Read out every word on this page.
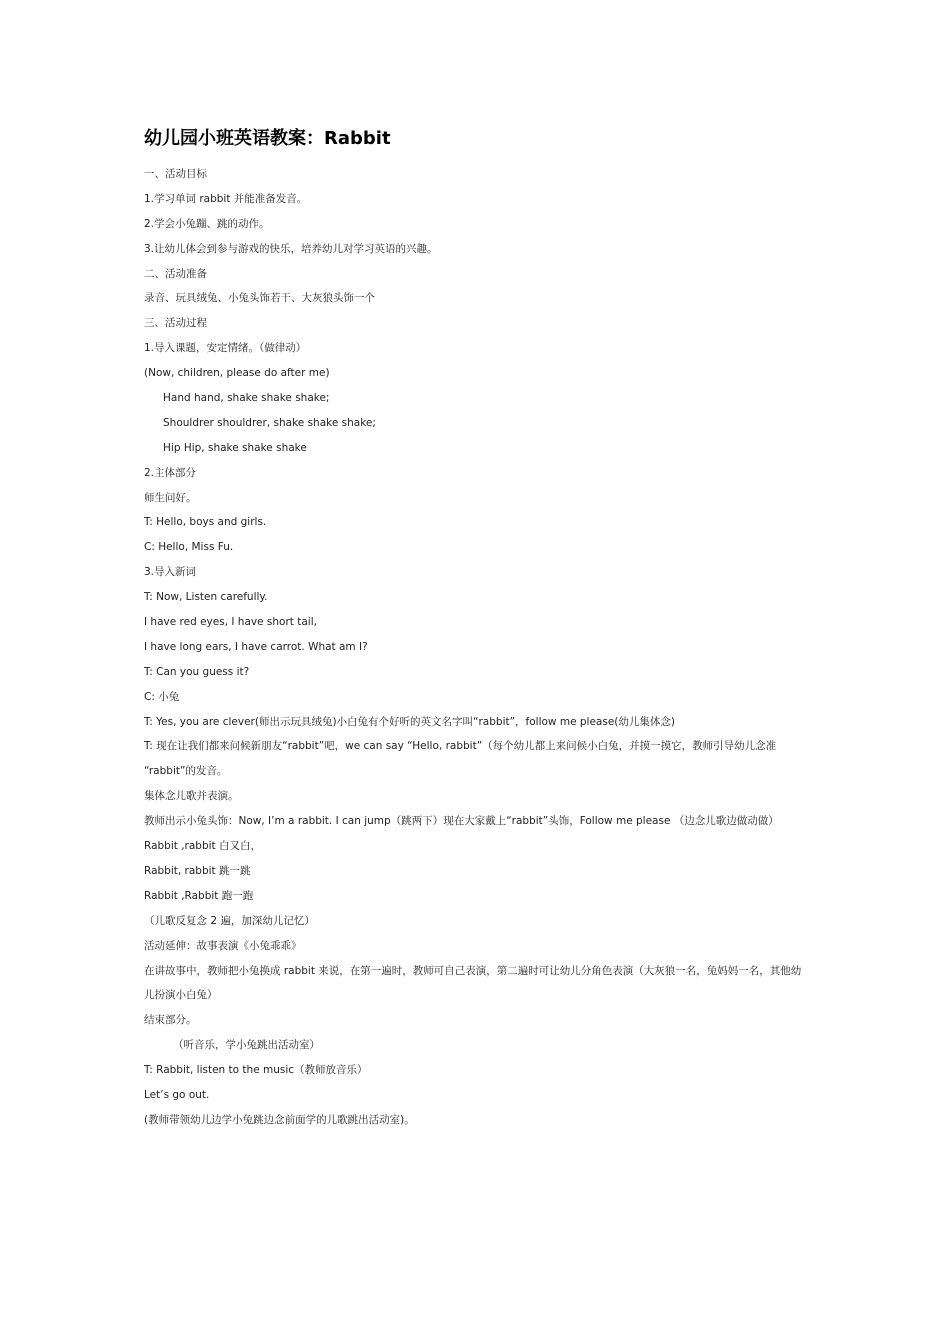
幼儿园小班英语教案：Rabbit
一、活动目标
1.学习单词 rabbit 并能准备发音。
2.学会小兔蹦、跳的动作。
3.让幼儿体会到参与游戏的快乐，培养幼儿对学习英语的兴趣。
二、活动准备
录音、玩具绒兔、小兔头饰若干、大灰狼头饰一个
三、活动过程
1.导入课题，安定情绪。（做律动）
(Now, children, please do after me)
Hand hand, shake shake shake;
Shouldrer shouldrer, shake shake shake;
Hip Hip, shake shake shake
2.主体部分
师生问好。
T: Hello, boys and girls.
C: Hello, Miss Fu.
3.导入新词
T: Now, Listen carefully.
I have red eyes, I have short tail,
I have long ears, I have carrot. What am I?
T: Can you guess it?
C: 小兔
T: Yes, you are clever(师出示玩具绒兔)小白兔有个好听的英文名字叫“rabbit”，follow me please(幼儿集体念)
T: 现在让我们都来问候新朋友“rabbit”吧，we can say “Hello, rabbit”（每个幼儿都上来问候小白兔，并摸一摸它，教师引导幼儿念准
“rabbit”的发音。
集体念儿歌并表演。
教师出示小兔头饰：Now, I’m a rabbit. I can jump（跳两下）现在大家戴上“rabbit”头饰，Follow me please （边念儿歌边做动做）
Rabbit ,rabbit 白又白，
Rabbit, rabbit 跳一跳
Rabbit ,Rabbit 跑一跑
（儿歌反复念 2 遍，加深幼儿记忆）
活动延伸：故事表演《小兔乖乖》
在讲故事中，教师把小兔换成 rabbit 来说，在第一遍时，教师可自己表演，第二遍时可让幼儿分角色表演（大灰狼一名，兔妈妈一名，其他幼
儿扮演小白兔）
结束部分。
（听音乐，学小兔跳出活动室）
T: Rabbit, listen to the music（教师放音乐）
Let’s go out.
(教师带领幼儿边学小兔跳边念前面学的儿歌跳出活动室)。
